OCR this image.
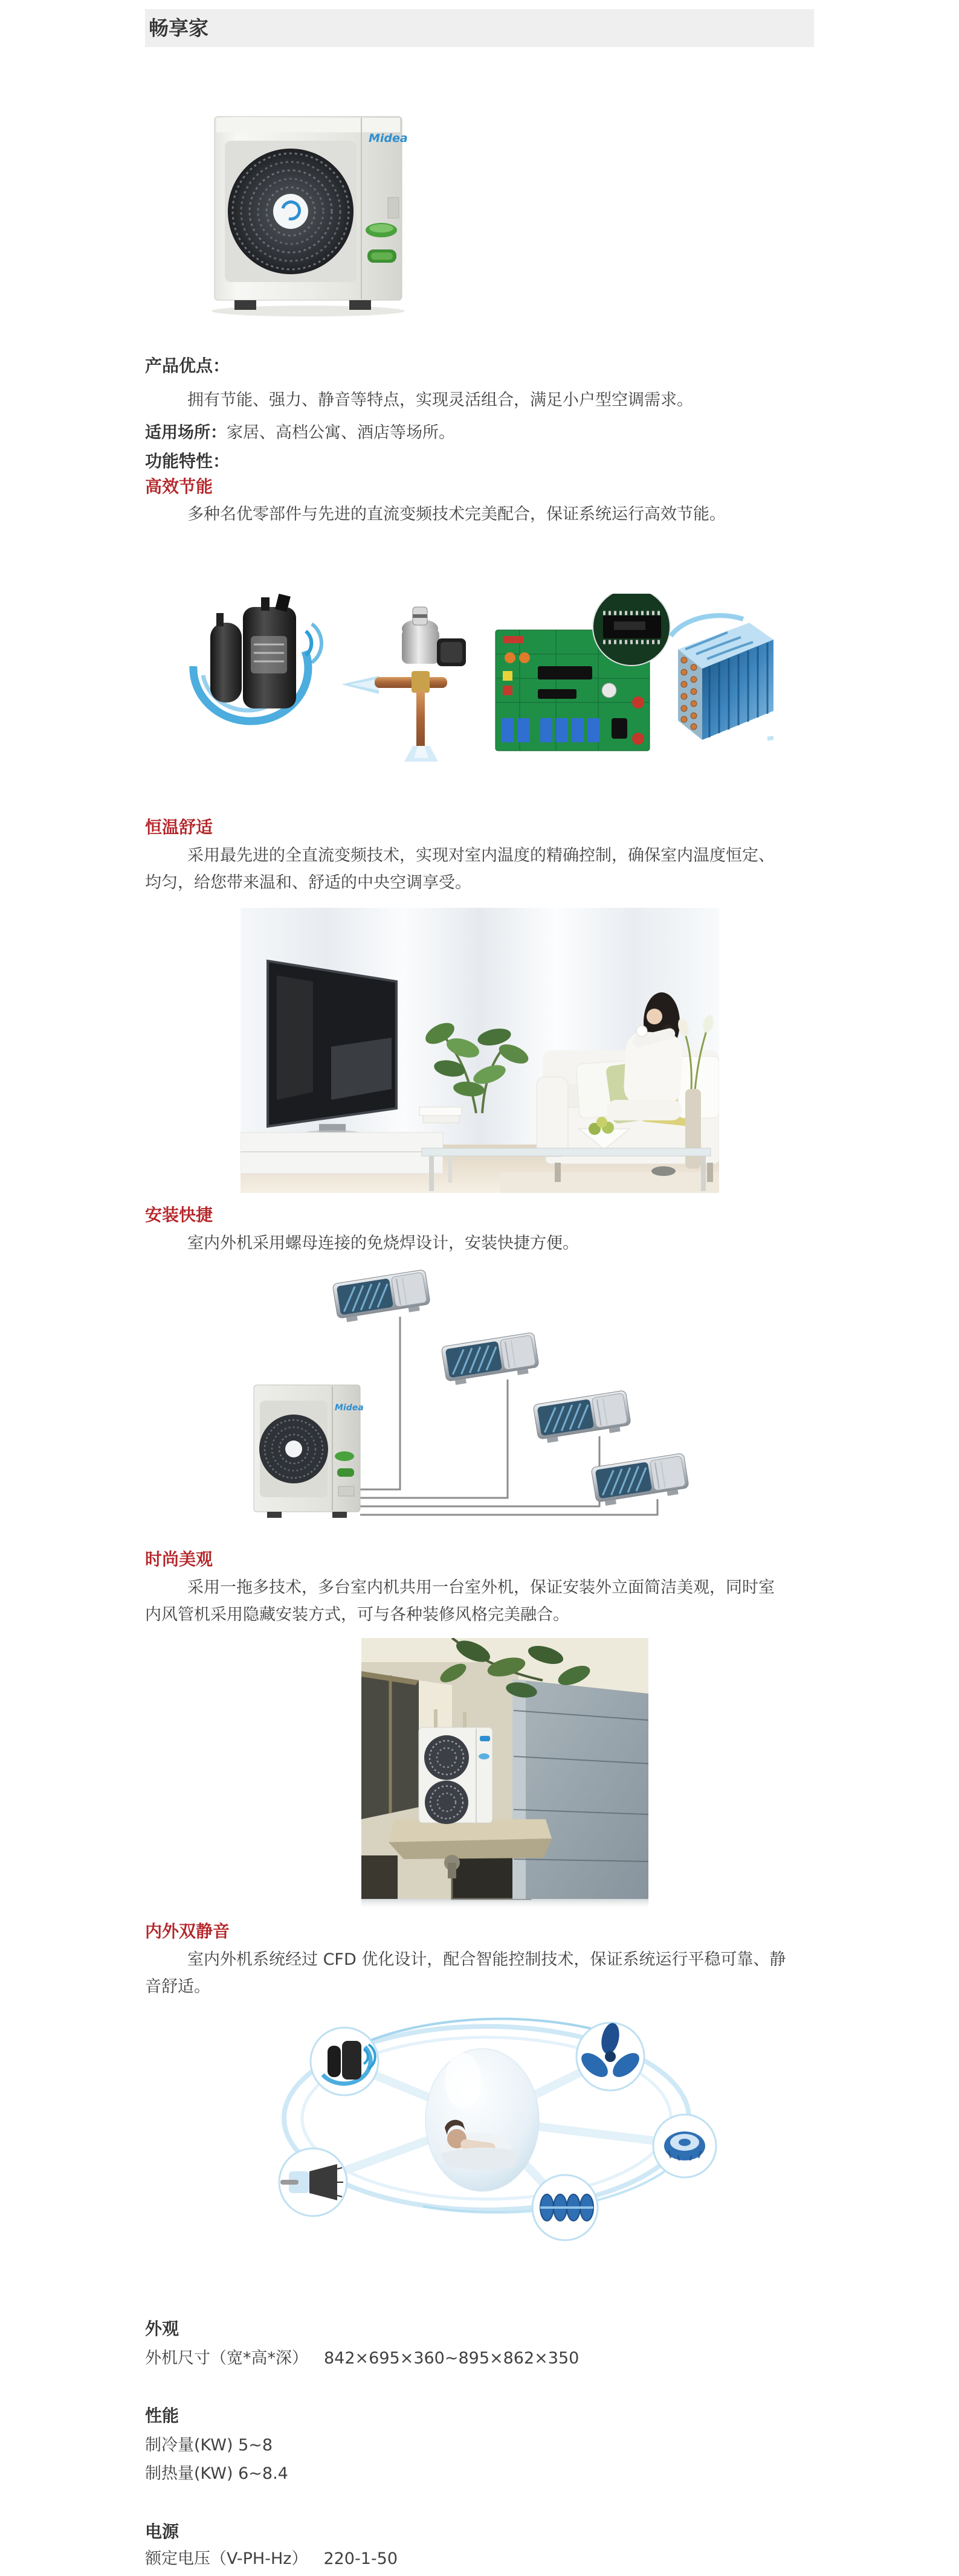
畅享家
Midea

产品优点：

拥有节能、强力、静音等特点，实现灵活组合，满足小户型空调需求。

适用场所：家居、高档公寓、酒店等场所。

功能特性：

高效节能

多种名优零部件与先进的直流变频技术完美配合，保证系统运行高效节能。

恒温舒适

采用最先进的全直流变频技术，实现对室内温度的精确控制，确保室内温度恒定、均匀，给您带来温和、舒适的中央空调享受。

安装快捷

室内外机采用螺母连接的免烧焊设计，安装快捷方便。

Midea
时尚美观

采用一拖多技术，多台室内机共用一台室外机，保证安装外立面简洁美观，同时室内风管机采用隐藏安装方式，可与各种装修风格完美融合。

内外双静音

室内外机系统经过 CFD 优化设计，配合智能控制技术，保证系统运行平稳可靠、静音舒适。

外观

外机尺寸（宽*高*深） 842×695×360~895×862×350

性能

制冷量(KW) 5~8

制热量(KW) 6~8.4

电源

额定电压（V-PH-Hz） 220-1-50
